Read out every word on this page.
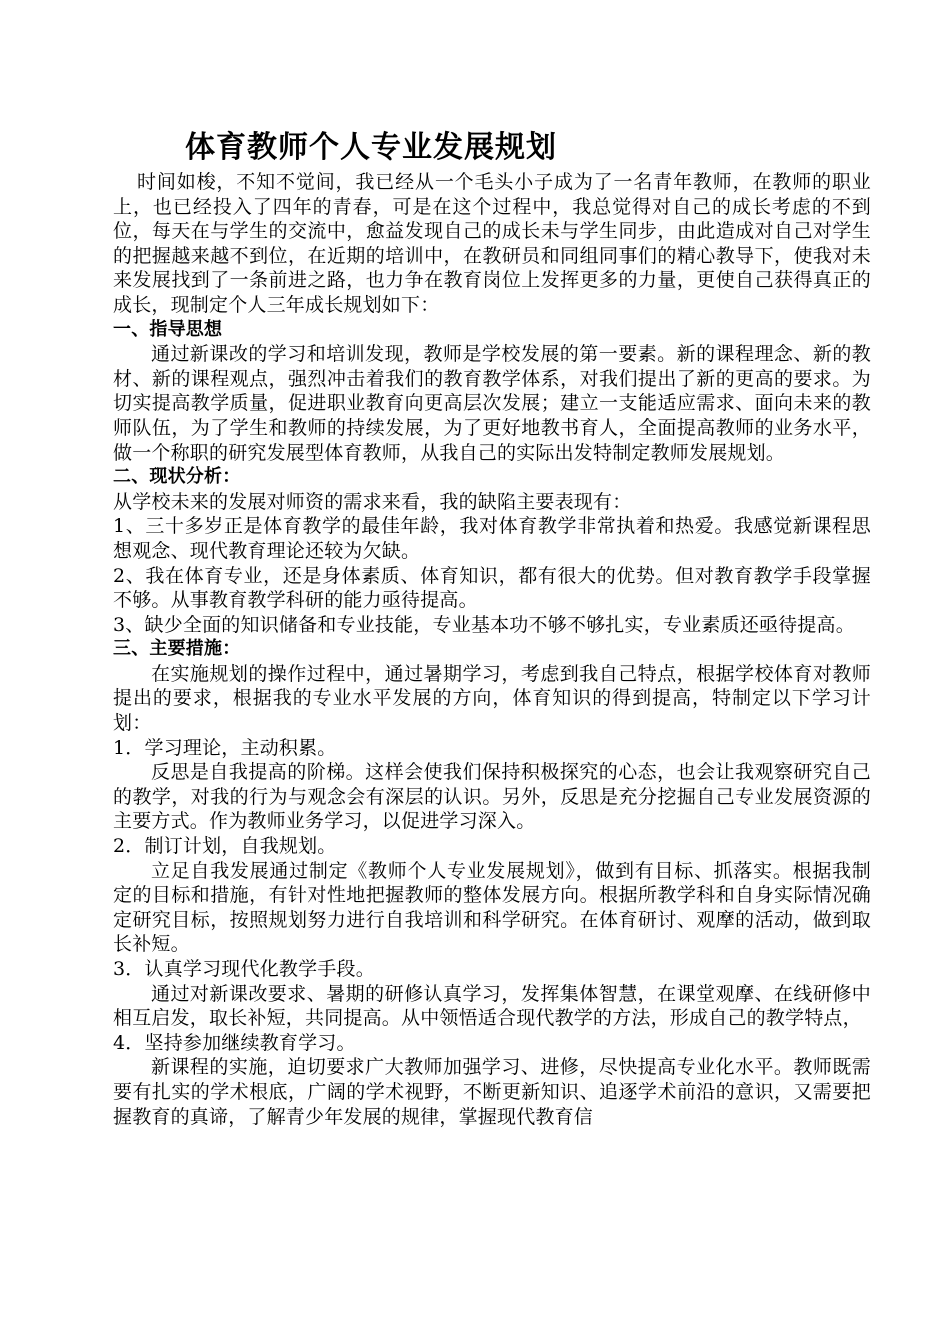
体育教师个人专业发展规划

时间如梭，不知不觉间，我已经从一个毛头小子成为了一名青年教师，在教师的职业上，也已经投入了四年的青春，可是在这个过程中，我总觉得对自己的成长考虑的不到位，每天在与学生的交流中，愈益发现自己的成长未与学生同步，由此造成对自己对学生的把握越来越不到位，在近期的培训中，在教研员和同组同事们的精心教导下，使我对未来发展找到了一条前进之路，也力争在教育岗位上发挥更多的力量，更使自己获得真正的成长，现制定个人三年成长规划如下：

一、指导思想

通过新课改的学习和培训发现，教师是学校发展的第一要素。新的课程理念、新的教材、新的课程观点，强烈冲击着我们的教育教学体系，对我们提出了新的更高的要求。为切实提高教学质量，促进职业教育向更高层次发展；建立一支能适应需求、面向未来的教师队伍，为了学生和教师的持续发展，为了更好地教书育人，全面提高教师的业务水平，做一个称职的研究发展型体育教师，从我自己的实际出发特制定教师发展规划。

二、现状分析：

从学校未来的发展对师资的需求来看，我的缺陷主要表现有：

1、三十多岁正是体育教学的最佳年龄，我对体育教学非常执着和热爱。我感觉新课程思想观念、现代教育理论还较为欠缺。

2、我在体育专业，还是身体素质、体育知识，都有很大的优势。但对教育教学手段掌握不够。从事教育教学科研的能力亟待提高。

3、缺少全面的知识储备和专业技能，专业基本功不够不够扎实，专业素质还亟待提高。

三、主要措施：

在实施规划的操作过程中，通过暑期学习，考虑到我自己特点，根据学校体育对教师提出的要求，根据我的专业水平发展的方向，体育知识的得到提高，特制定以下学习计划：

1．学习理论，主动积累。

反思是自我提高的阶梯。这样会使我们保持积极探究的心态，也会让我观察研究自己的教学，对我的行为与观念会有深层的认识。另外，反思是充分挖掘自己专业发展资源的主要方式。作为教师业务学习，以促进学习深入。

2．制订计划，自我规划。

立足自我发展通过制定《教师个人专业发展规划》，做到有目标、抓落实。根据我制定的目标和措施，有针对性地把握教师的整体发展方向。根据所教学科和自身实际情况确定研究目标，按照规划努力进行自我培训和科学研究。在体育研讨、观摩的活动，做到取长补短。

3．认真学习现代化教学手段。

通过对新课改要求、暑期的研修认真学习，发挥集体智慧，在课堂观摩、在线研修中相互启发，取长补短，共同提高。从中领悟适合现代教学的方法，形成自己的教学特点，

4．坚持参加继续教育学习。

新课程的实施，迫切要求广大教师加强学习、进修，尽快提高专业化水平。教师既需要有扎实的学术根底，广阔的学术视野，不断更新知识、追逐学术前沿的意识，又需要把握教育的真谛，了解青少年发展的规律，掌握现代教育信
